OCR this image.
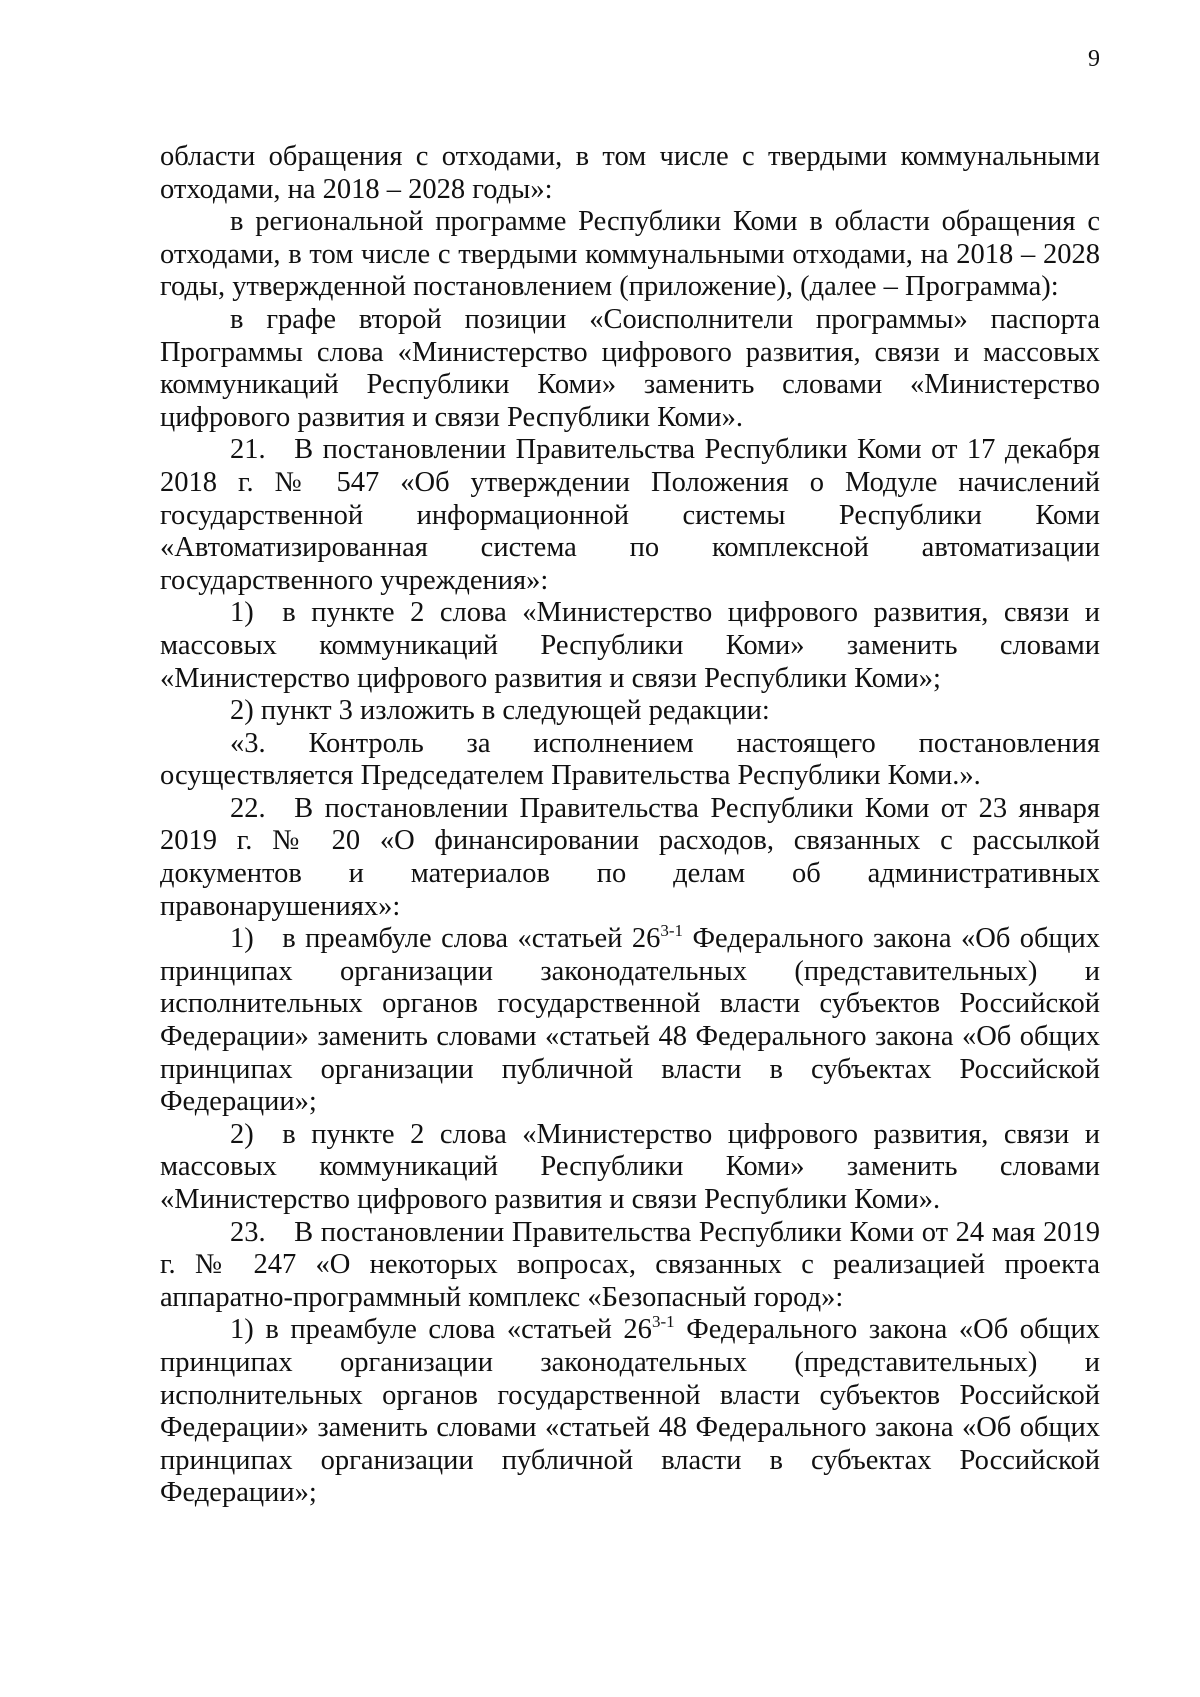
9

области обращения с отходами, в том числе с твердыми коммунальными отходами, на 2018 – 2028 годы»:

в региональной программе Республики Коми в области обращения с отходами, в том числе с твердыми коммунальными отходами, на 2018 – 2028 годы, утвержденной постановлением (приложение), (далее – Программа):

в графе второй позиции «Соисполнители программы» паспорта Программы слова «Министерство цифрового развития, связи и массовых коммуникаций Республики Коми» заменить словами «Министерство цифрового развития и связи Республики Коми».

21. В постановлении Правительства Республики Коми от 17 декабря 2018 г. № 547 «Об утверждении Положения о Модуле начислений государственной информационной системы Республики Коми «Автоматизированная система по комплексной автоматизации государственного учреждения»:

1) в пункте 2 слова «Министерство цифрового развития, связи и массовых коммуникаций Республики Коми» заменить словами «Министерство цифрового развития и связи Республики Коми»;

2) пункт 3 изложить в следующей редакции:

«3. Контроль за исполнением настоящего постановления осуществляется Председателем Правительства Республики Коми.».

22. В постановлении Правительства Республики Коми от 23 января 2019 г. № 20 «О финансировании расходов, связанных с рассылкой документов и материалов по делам об административных правонарушениях»:

1) в преамбуле слова «статьей 26$^{3-1}$ Федерального закона «Об общих принципах организации законодательных (представительных) и исполнительных органов государственной власти субъектов Российской Федерации» заменить словами «статьей 48 Федерального закона «Об общих принципах организации публичной власти в субъектах Российской Федерации»;

2) в пункте 2 слова «Министерство цифрового развития, связи и массовых коммуникаций Республики Коми» заменить словами «Министерство цифрового развития и связи Республики Коми».

23. В постановлении Правительства Республики Коми от 24 мая 2019 г. № 247 «О некоторых вопросах, связанных с реализацией проекта аппаратно-программный комплекс «Безопасный город»:

1) в преамбуле слова «статьей 26$^{3-1}$ Федерального закона «Об общих принципах организации законодательных (представительных) и исполнительных органов государственной власти субъектов Российской Федерации» заменить словами «статьей 48 Федерального закона «Об общих принципах организации публичной власти в субъектах Российской Федерации»;
